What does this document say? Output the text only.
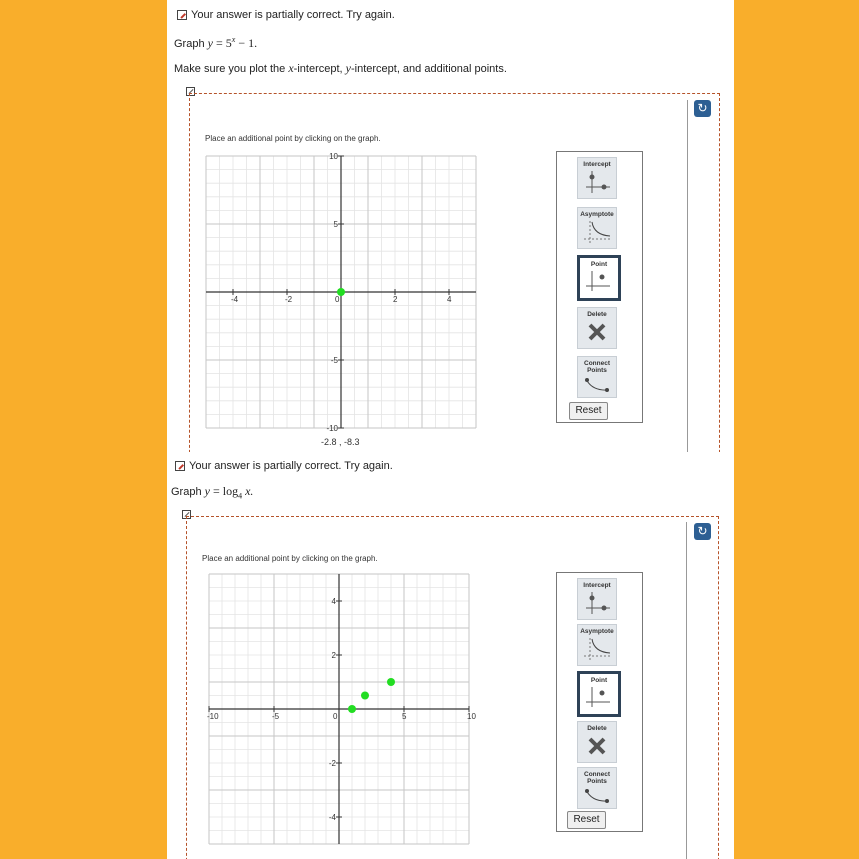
Your answer is partially correct. Try again.
Graph $y = 5^x - 1$.
Make sure you plot the x-intercept, y-intercept, and additional points.
↻
Place an additional point by clicking on the graph.
-4	-2	0	2	4
10
5
-5
-10
-2.8 , -8.3
Intercept
Asymptote
Point
Delete
Connect
Points
Reset
Your answer is partially correct. Try again.
Graph $y = \log_4 x$.
↻
Place an additional point by clicking on the graph.
-10	-5	0	5	10
4
2
-2
-4
Intercept
Asymptote
Point
Delete
Connect
Points
Reset
